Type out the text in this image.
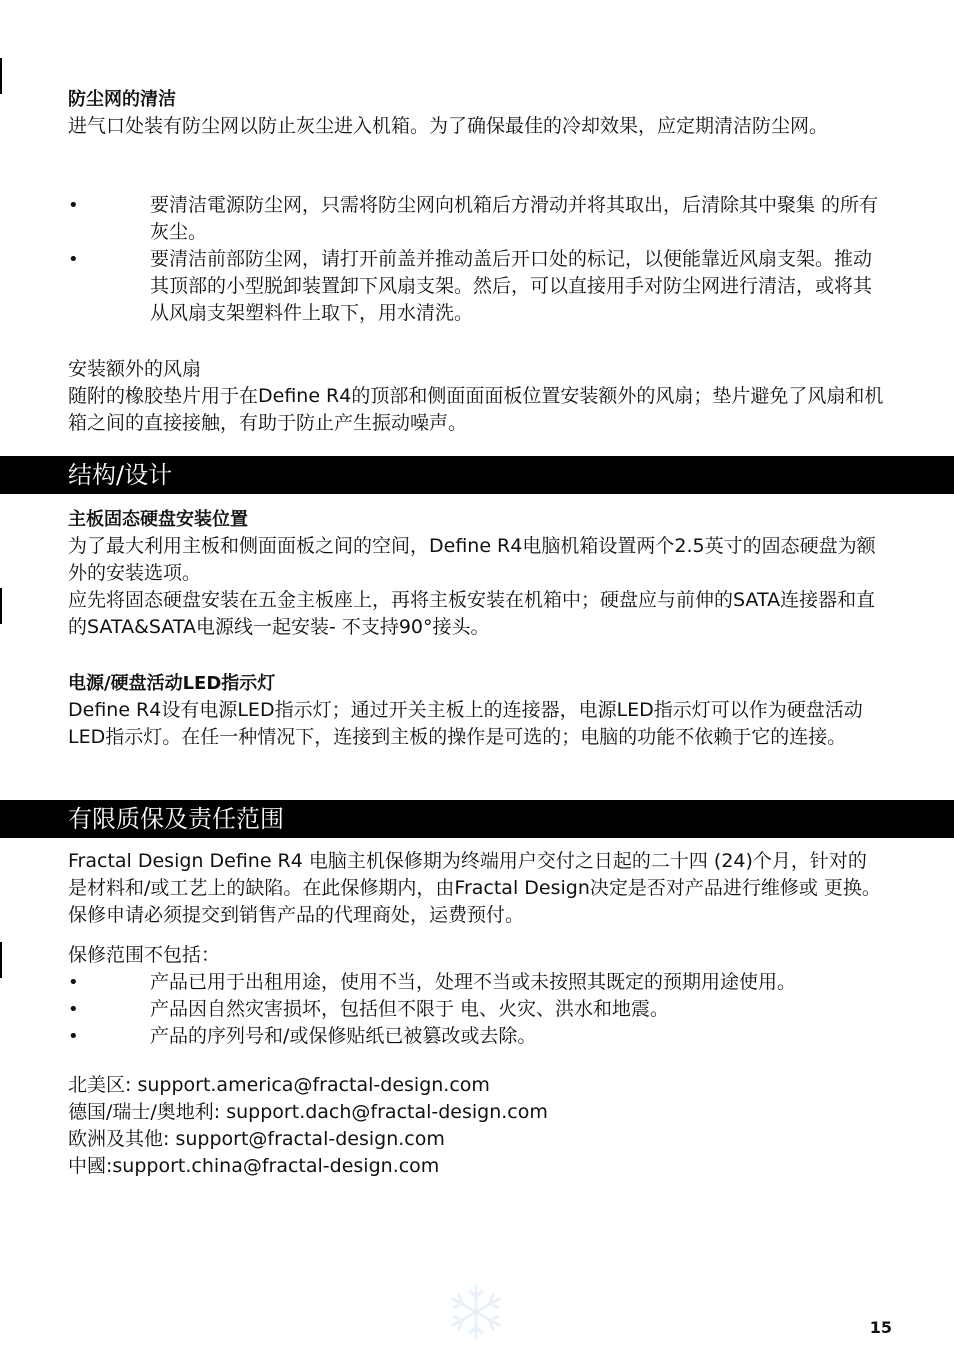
防尘网的清洁

进气口处装有防尘网以防止灰尘进入机箱。为了确保最佳的冷却效果，应定期清洁防尘网。

•	要清洁電源防尘网，只需将防尘网向机箱后方滑动并将其取出，后清除其中聚集 的所有灰尘。
•	要清洁前部防尘网，请打开前盖并推动盖后开口处的标记，以便能靠近风扇支架。推动其顶部的小型脱卸装置卸下风扇支架。然后，可以直接用手对防尘网进行清洁，或将其从风扇支架塑料件上取下，用水清洗。

安装额外的风扇

随附的橡胶垫片用于在Define R4的顶部和侧面面面板位置安装额外的风扇；垫片避免了风扇和机箱之间的直接接触，有助于防止产生振动噪声。

结构/设计

主板固态硬盘安装位置

为了最大利用主板和侧面面板之间的空间，Define R4电脑机箱设置两个2.5英寸的固态硬盘为额外的安装选项。

应先将固态硬盘安装在五金主板座上，再将主板安装在机箱中；硬盘应与前伸的SATA连接器和直的SATA&SATA电源线一起安装- 不支持90°接头。

电源/硬盘活动LED指示灯

Define R4设有电源LED指示灯；通过开关主板上的连接器，电源LED指示灯可以作为硬盘活动LED指示灯。在任一种情况下，连接到主板的操作是可选的；电脑的功能不依赖于它的连接。

有限质保及责任范围

Fractal Design Define R4 电脑主机保修期为终端用户交付之日起的二十四 (24)个月，针对的是材料和/或工艺上的缺陷。在此保修期内，由Fractal Design决定是否对产品进行维修或 更换。保修申请必须提交到销售产品的代理商处，运费预付。

保修范围不包括：

•	产品已用于出租用途，使用不当，处理不当或未按照其既定的预期用途使用。
•	产品因自然灾害损坏，包括但不限于 电、火灾、洪水和地震。
•	产品的序列号和/或保修贴纸已被篡改或去除。

北美区: support.america@fractal-design.com

德国/瑞士/奥地利: support.dach@fractal-design.com

欧洲及其他: support@fractal-design.com

中國:support.china@fractal-design.com

15
